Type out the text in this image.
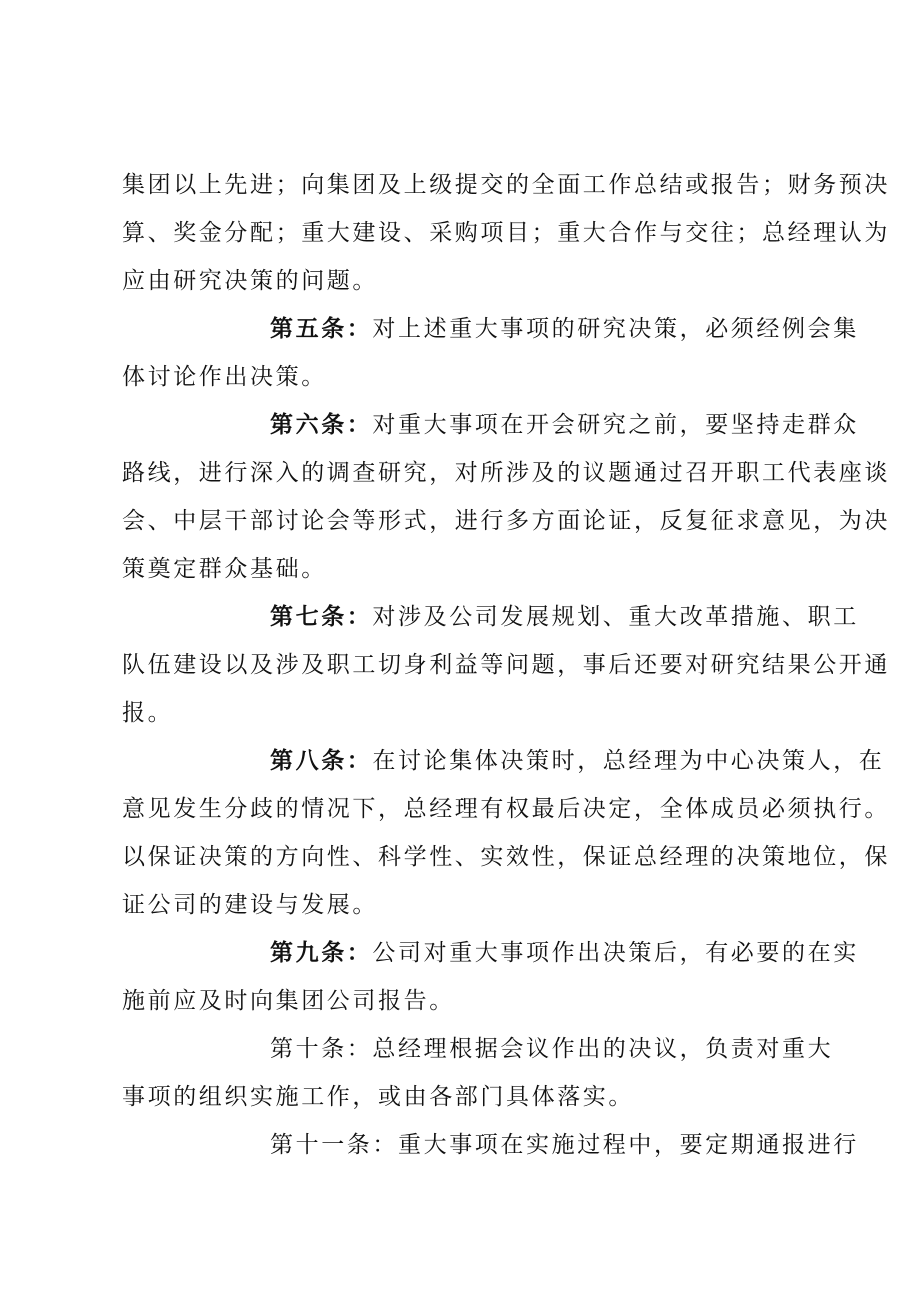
集团以上先进；向集团及上级提交的全面工作总结或报告；财务预决
算、奖金分配；重大建设、采购项目；重大合作与交往；总经理认为
应由研究决策的问题。
第五条：对上述重大事项的研究决策，必须经例会集
体讨论作出决策。
第六条：对重大事项在开会研究之前，要坚持走群众
路线，进行深入的调查研究，对所涉及的议题通过召开职工代表座谈
会、中层干部讨论会等形式，进行多方面论证，反复征求意见，为决
策奠定群众基础。
第七条：对涉及公司发展规划、重大改革措施、职工
队伍建设以及涉及职工切身利益等问题，事后还要对研究结果公开通
报。
第八条：在讨论集体决策时，总经理为中心决策人，在
意见发生分歧的情况下，总经理有权最后决定，全体成员必须执行。
以保证决策的方向性、科学性、实效性，保证总经理的决策地位，保
证公司的建设与发展。
第九条：公司对重大事项作出决策后，有必要的在实
施前应及时向集团公司报告。
第十条：总经理根据会议作出的决议，负责对重大
事项的组织实施工作，或由各部门具体落实。
第十一条：重大事项在实施过程中，要定期通报进行
